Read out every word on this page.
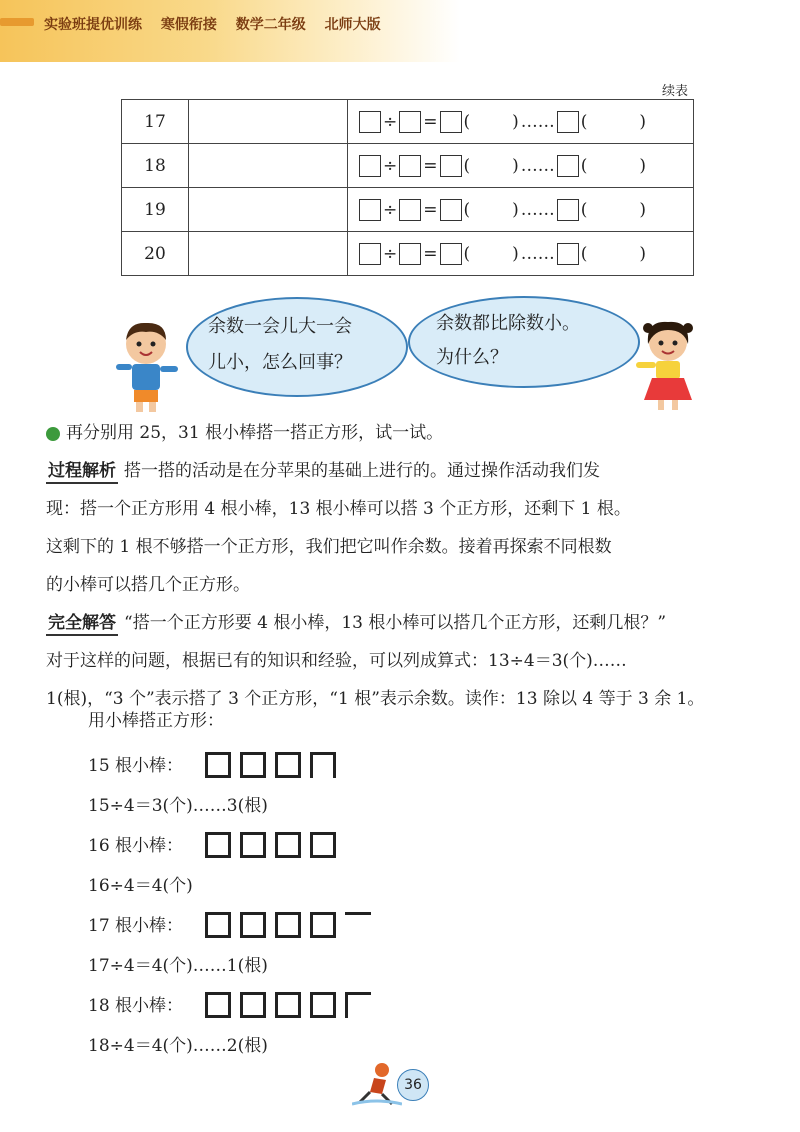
实验班提优训练 寒假衔接 数学二年级 北师大版
续表
17		÷ = ( ) …… ( )
18		÷ = ( ) …… ( )
19		÷ = ( ) …… ( )
20		÷ = ( ) …… ( )
余数一会儿大一会
儿小，怎么回事？
余数都比除数小。
为什么？
再分别用 25，31 根小棒搭一搭正方形，试一试。
过程解析 搭一搭的活动是在分苹果的基础上进行的。通过操作活动我们发
现：搭一个正方形用 4 根小棒，13 根小棒可以搭 3 个正方形，还剩下 1 根。
这剩下的 1 根不够搭一个正方形，我们把它叫作余数。接着再探索不同根数
的小棒可以搭几个正方形。
完全解答 “搭一个正方形要 4 根小棒，13 根小棒可以搭几个正方形，还剩几根？”
对于这样的问题，根据已有的知识和经验，可以列成算式：13÷4＝3(个)……
1(根)，“3 个”表示搭了 3 个正方形，“1 根”表示余数。读作：13 除以 4 等于 3 余 1。
用小棒搭正方形：
15 根小棒：
15÷4＝3(个)……3(根)
16 根小棒：
16÷4＝4(个)
17 根小棒：
17÷4＝4(个)……1(根)
18 根小棒：
18÷4＝4(个)……2(根)
36
